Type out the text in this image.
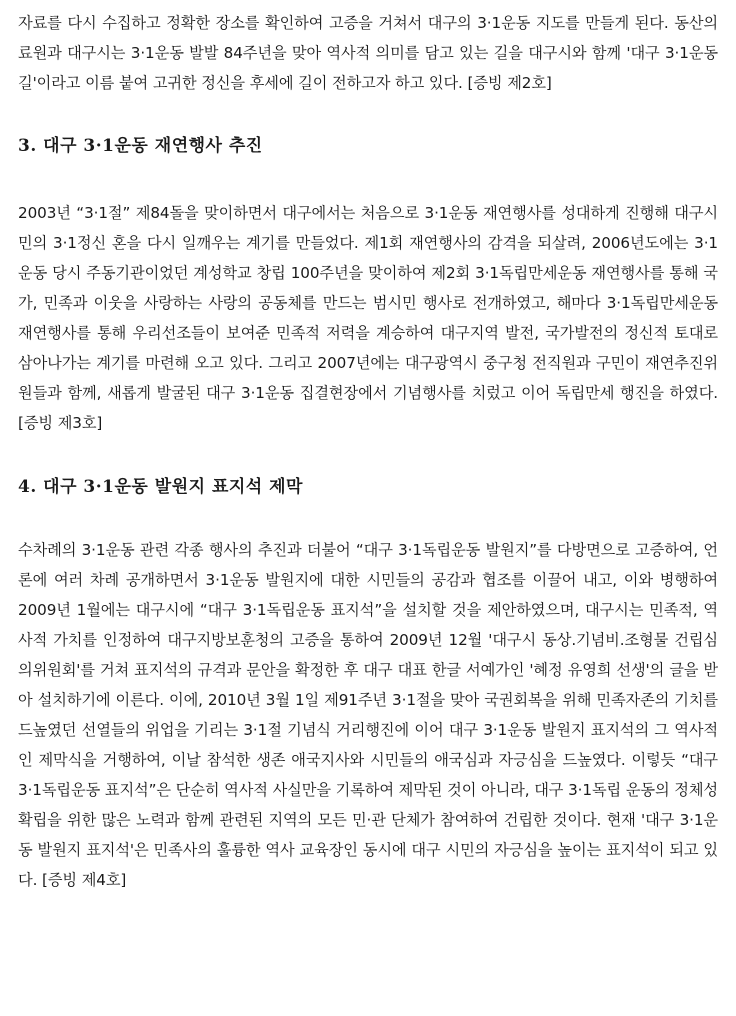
자료를 다시 수집하고 정확한 장소를 확인하여 고증을 거쳐서 대구의 3·1운동 지도를 만들게 된다. 동산의료원과 대구시는 3·1운동 발발 84주년을 맞아 역사적 의미를 담고 있는 길을 대구시와 함께 '대구 3·1운동길'이라고 이름 붙여 고귀한 정신을 후세에 길이 전하고자 하고 있다. [증빙 제2호]

3. 대구 3·1운동 재연행사 추진

2003년 “3·1절” 제84돌을 맞이하면서 대구에서는 처음으로 3·1운동 재연행사를 성대하게 진행해 대구시민의 3·1정신 혼을 다시 일깨우는 계기를 만들었다. 제1회 재연행사의 감격을 되살려, 2006년도에는 3·1운동 당시 주동기관이었던 계성학교 창립 100주년을 맞이하여 제2회 3·1독립만세운동 재연행사를 통해 국가, 민족과 이웃을 사랑하는 사랑의 공동체를 만드는 범시민 행사로 전개하였고, 해마다 3·1독립만세운동 재연행사를 통해 우리선조들이 보여준 민족적 저력을 계승하여 대구지역 발전, 국가발전의 정신적 토대로 삼아나가는 계기를 마련해 오고 있다. 그리고 2007년에는 대구광역시 중구청 전직원과 구민이 재연추진위원들과 함께, 새롭게 발굴된 대구 3·1운동 집결현장에서 기념행사를 치렀고 이어 독립만세 행진을 하였다. [증빙 제3호]

4. 대구 3·1운동 발원지 표지석 제막

수차례의 3·1운동 관련 각종 행사의 추진과 더불어 “대구 3·1독립운동 발원지”를 다방면으로 고증하여, 언론에 여러 차례 공개하면서 3·1운동 발원지에 대한 시민들의 공감과 협조를 이끌어 내고, 이와 병행하여 2009년 1월에는 대구시에 “대구 3·1독립운동 표지석”을 설치할 것을 제안하였으며, 대구시는 민족적, 역사적 가치를 인정하여 대구지방보훈청의 고증을 통하여 2009년 12월 '대구시 동상.기념비.조형물 건립심의위원회'를 거쳐 표지석의 규격과 문안을 확정한 후 대구 대표 한글 서예가인 '혜정 유영희 선생'의 글을 받아 설치하기에 이른다. 이에, 2010년 3월 1일 제91주년 3·1절을 맞아 국권회복을 위해 민족자존의 기치를 드높였던 선열들의 위업을 기리는 3·1절 기념식 거리행진에 이어 대구 3·1운동 발원지 표지석의 그 역사적인 제막식을 거행하여, 이날 참석한 생존 애국지사와 시민들의 애국심과 자긍심을 드높였다. 이렇듯 “대구 3·1독립운동 표지석”은 단순히 역사적 사실만을 기록하여 제막된 것이 아니라, 대구 3·1독립 운동의 정체성 확립을 위한 많은 노력과 함께 관련된 지역의 모든 민·관 단체가 참여하여 건립한 것이다. 현재 '대구 3·1운동 발원지 표지석'은 민족사의 훌륭한 역사 교육장인 동시에 대구 시민의 자긍심을 높이는 표지석이 되고 있다. [증빙 제4호]
